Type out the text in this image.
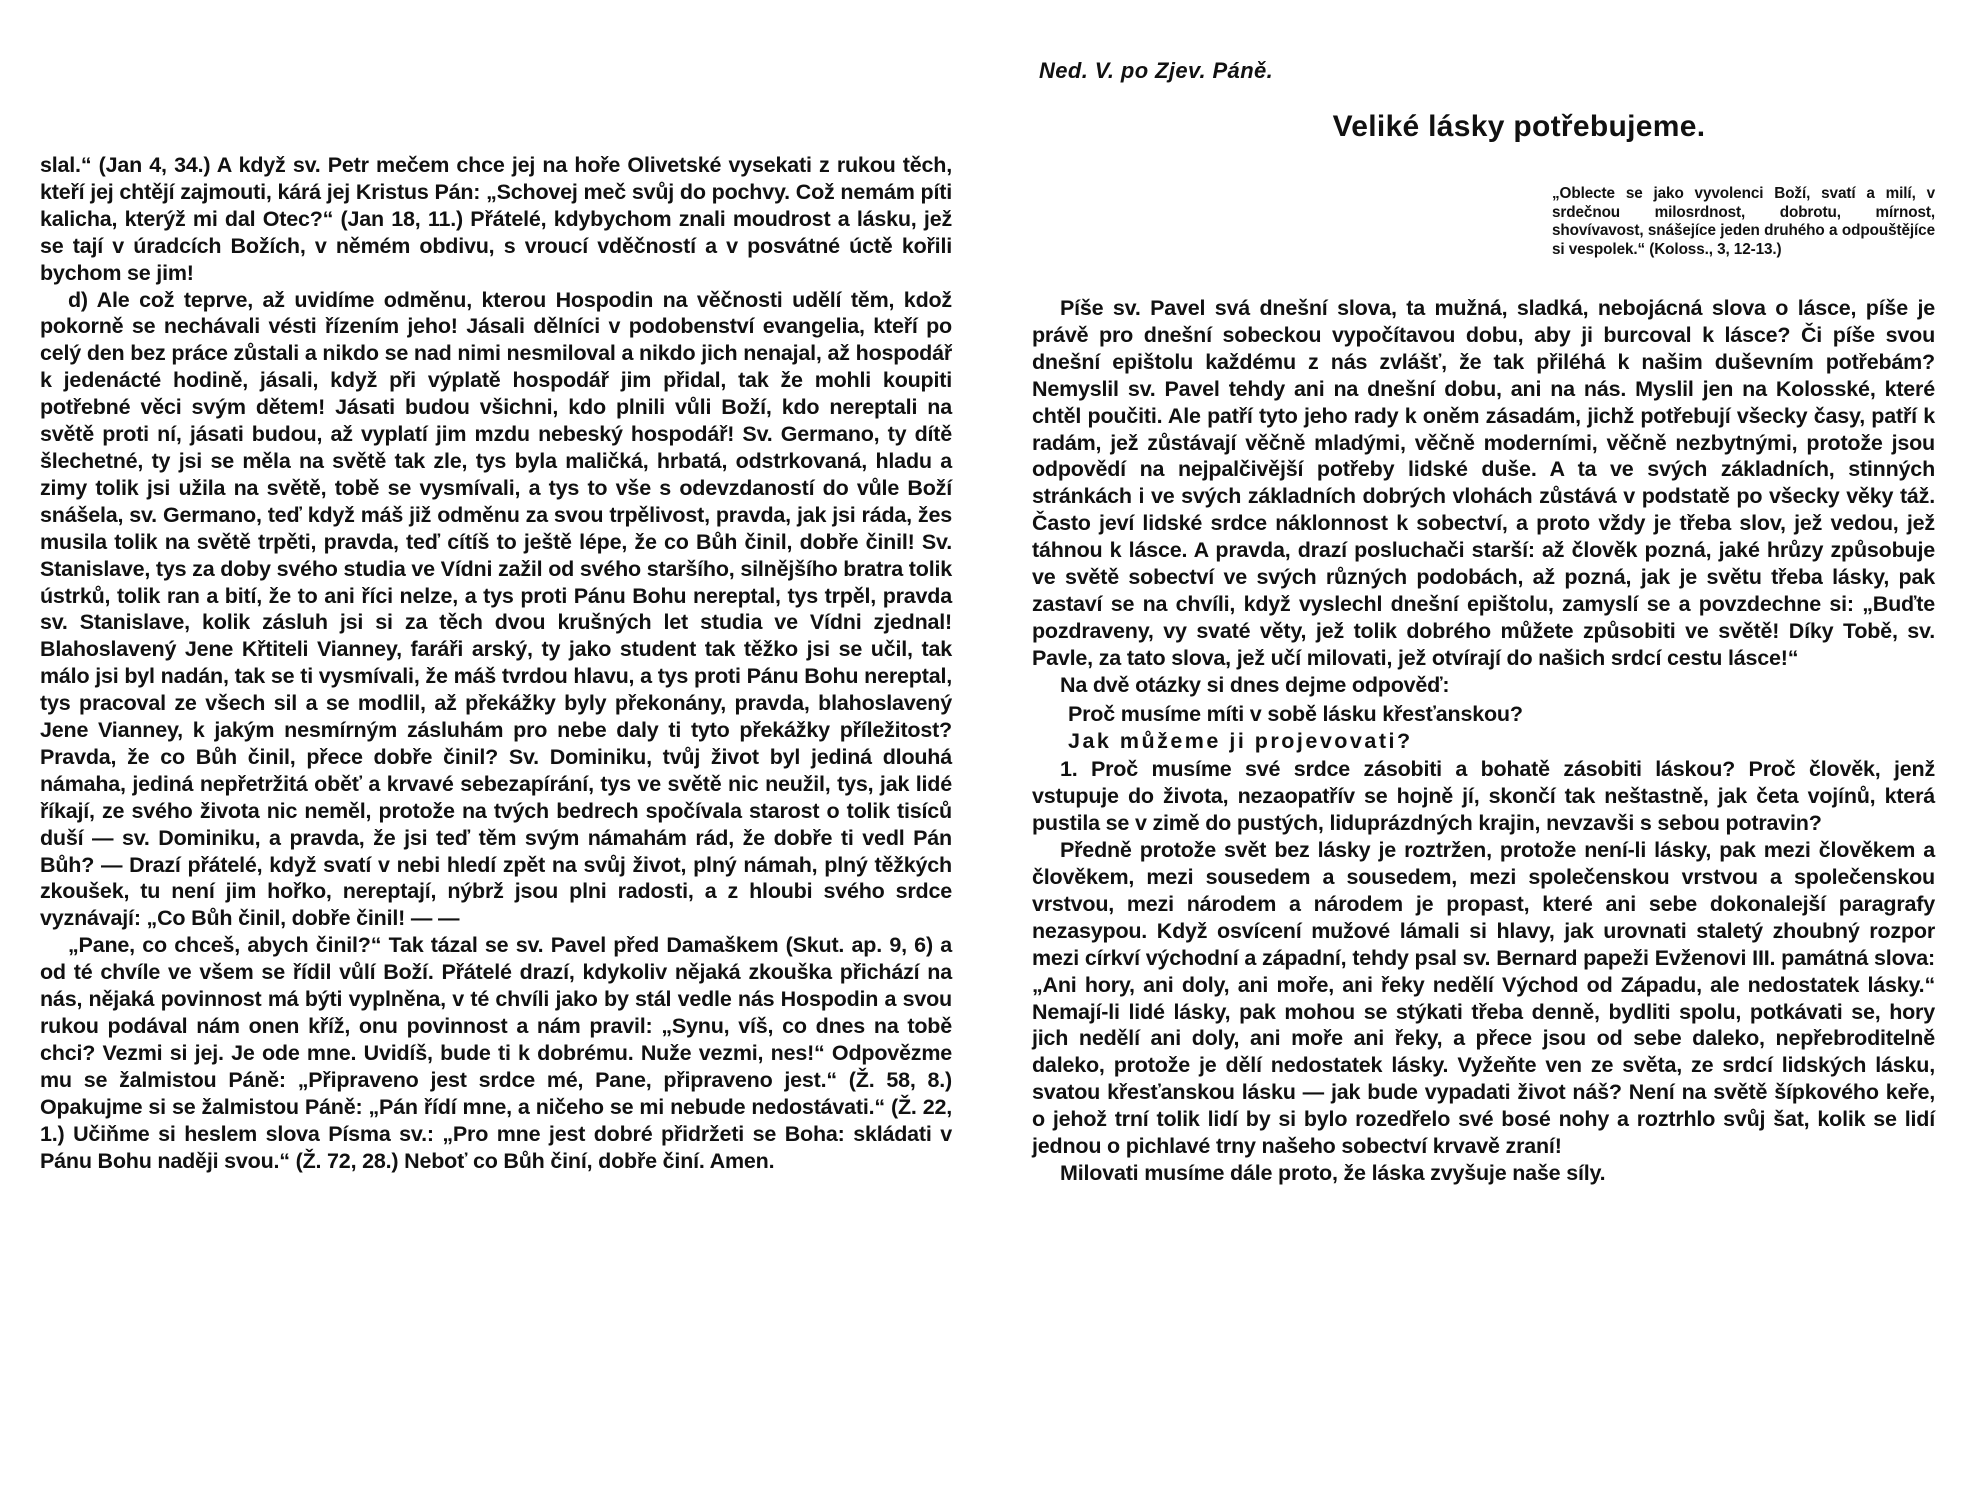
slal.“ (Jan 4, 34.) A když sv. Petr mečem chce jej na hoře Olivetské vysekati z rukou těch, kteří jej chtějí zajmouti, kárá jej Kristus Pán: „Schovej meč svůj do pochvy. Což nemám píti kalicha, kterýž mi dal Otec?“ (Jan 18, 11.) Přátelé, kdybychom znali moudrost a lásku, jež se tají v úradcích Božích, v němém obdivu, s vroucí vděčností a v posvátné úctě kořili bychom se jim!

d) Ale což teprve, až uvidíme odměnu, kterou Hospodin na věčnosti udělí těm, kdož pokorně se nechávali vésti řízením jeho! Jásali dělníci v podobenství evangelia, kteří po celý den bez práce zůstali a nikdo se nad nimi nesmiloval a nikdo jich nenajal, až hospodář k jedenácté hodině, jásali, když při výplatě hospodář jim přidal, tak že mohli koupiti potřebné věci svým dětem! Jásati budou všichni, kdo plnili vůli Boží, kdo nereptali na světě proti ní, jásati budou, až vyplatí jim mzdu nebeský hospodář! Sv. Germano, ty dítě šlechetné, ty jsi se měla na světě tak zle, tys byla maličká, hrbatá, odstrkovaná, hladu a zimy tolik jsi užila na světě, tobě se vysmívali, a tys to vše s odevzdaností do vůle Boží snášela, sv. Germano, teď když máš již odměnu za svou trpělivost, pravda, jak jsi ráda, žes musila tolik na světě trpěti, pravda, teď cítíš to ještě lépe, že co Bůh činil, dobře činil! Sv. Stanislave, tys za doby svého studia ve Vídni zažil od svého staršího, silnějšího bratra tolik ústrků, tolik ran a bití, že to ani říci nelze, a tys proti Pánu Bohu nereptal, tys trpěl, pravda sv. Stanislave, kolik zásluh jsi si za těch dvou krušných let studia ve Vídni zjednal! Blahoslavený Jene Křtiteli Vianney, faráři arský, ty jako student tak těžko jsi se učil, tak málo jsi byl nadán, tak se ti vysmívali, že máš tvrdou hlavu, a tys proti Pánu Bohu nereptal, tys pracoval ze všech sil a se modlil, až překážky byly překonány, pravda, blahoslavený Jene Vianney, k jakým nesmírným zásluhám pro nebe daly ti tyto překážky příležitost? Pravda, že co Bůh činil, přece dobře činil? Sv. Dominiku, tvůj život byl jediná dlouhá námaha, jediná nepřetržitá oběť a krvavé sebezapírání, tys ve světě nic neužil, tys, jak lidé říkají, ze svého života nic neměl, protože na tvých bedrech spočívala starost o tolik tisíců duší — sv. Dominiku, a pravda, že jsi teď těm svým námahám rád, že dobře ti vedl Pán Bůh? — Drazí přátelé, když svatí v nebi hledí zpět na svůj život, plný námah, plný těžkých zkoušek, tu není jim hořko, nereptají, nýbrž jsou plni radosti, a z hloubi svého srdce vyznávají: „Co Bůh činil, dobře činil! — —

„Pane, co chceš, abych činil?“ Tak tázal se sv. Pavel před Damaškem (Skut. ap. 9, 6) a od té chvíle ve všem se řídil vůlí Boží. Přátelé drazí, kdykoliv nějaká zkouška přichází na nás, nějaká povinnost má býti vyplněna, v té chvíli jako by stál vedle nás Hospodin a svou rukou podával nám onen kříž, onu povinnost a nám pravil: „Synu, víš, co dnes na tobě chci? Vezmi si jej. Je ode mne. Uvidíš, bude ti k dobrému. Nuže vezmi, nes!“ Odpovězme mu se žalmistou Páně: „Připraveno jest srdce mé, Pane, připraveno jest.“ (Ž. 58, 8.) Opakujme si se žalmistou Páně: „Pán řídí mne, a ničeho se mi nebude nedostávati.“ (Ž. 22, 1.) Učiňme si heslem slova Písma sv.: „Pro mne jest dobré přidržeti se Boha: skládati v Pánu Bohu naději svou.“ (Ž. 72, 28.) Neboť co Bůh činí, dobře činí. Amen.

Ned. V. po Zjev. Páně.
Veliké lásky potřebujeme.
„Oblecte se jako vyvolenci Boží, svatí a milí, v srdečnou milosrdnost, dobrotu, mírnost, shovívavost, snášejíce jeden druhého a odpouštějíce si vespolek.“ (Koloss., 3, 12-13.)

Píše sv. Pavel svá dnešní slova, ta mužná, sladká, nebojácná slova o lásce, píše je právě pro dnešní sobeckou vypočítavou dobu, aby ji burcoval k lásce? Či píše svou dnešní epištolu každému z nás zvlášť, že tak přiléhá k našim duševním potřebám? Nemyslil sv. Pavel tehdy ani na dnešní dobu, ani na nás. Myslil jen na Kolosské, které chtěl poučiti. Ale patří tyto jeho rady k oněm zásadám, jichž potřebují všecky časy, patří k radám, jež zůstávají věčně mladými, věčně moderními, věčně nezbytnými, protože jsou odpovědí na nejpalčivější potřeby lidské duše. A ta ve svých základních, stinných stránkách i ve svých základních dobrých vlohách zůstává v podstatě po všecky věky táž. Často jeví lidské srdce náklonnost k sobectví, a proto vždy je třeba slov, jež vedou, jež táhnou k lásce. A pravda, drazí posluchači starší: až člověk pozná, jaké hrůzy způsobuje ve světě sobectví ve svých různých podobách, až pozná, jak je světu třeba lásky, pak zastaví se na chvíli, když vyslechl dnešní epištolu, zamyslí se a povzdechne si: „Buďte pozdraveny, vy svaté věty, jež tolik dobrého můžete způsobiti ve světě! Díky Tobě, sv. Pavle, za tato slova, jež učí milovati, jež otvírají do našich srdcí cestu lásce!“

Na dvě otázky si dnes dejme odpověď:

Proč musíme míti v sobě lásku křesťanskou?
Jak můžeme ji projevovati?

1. Proč musíme své srdce zásobiti a bohatě zásobiti láskou? Proč člověk, jenž vstupuje do života, nezaopatřív se hojně jí, skončí tak neštastně, jak četa vojínů, která pustila se v zimě do pustých, liduprázdných krajin, nevzavši s sebou potravin?

Předně protože svět bez lásky je roztržen, protože není-li lásky, pak mezi člověkem a člověkem, mezi sousedem a sousedem, mezi společenskou vrstvou a společenskou vrstvou, mezi národem a národem je propast, které ani sebe dokonalejší paragrafy nezasypou. Když osvícení mužové lámali si hlavy, jak urovnati staletý zhoubný rozpor mezi církví východní a západní, tehdy psal sv. Bernard papeži Evženovi III. památná slova: „Ani hory, ani doly, ani moře, ani řeky nedělí Východ od Západu, ale nedostatek lásky.“ Nemají-li lidé lásky, pak mohou se stýkati třeba denně, bydliti spolu, potkávati se, hory jich nedělí ani doly, ani moře ani řeky, a přece jsou od sebe daleko, nepřebroditelně daleko, protože je dělí nedostatek lásky. Vyžeňte ven ze světa, ze srdcí lidských lásku, svatou křesťanskou lásku — jak bude vypadati život náš? Není na světě šípkového keře, o jehož trní tolik lidí by si bylo rozedřelo své bosé nohy a roztrhlo svůj šat, kolik se lidí jednou o pichlavé trny našeho sobectví krvavě zraní!

Milovati musíme dále proto, že láska zvyšuje naše síly.
